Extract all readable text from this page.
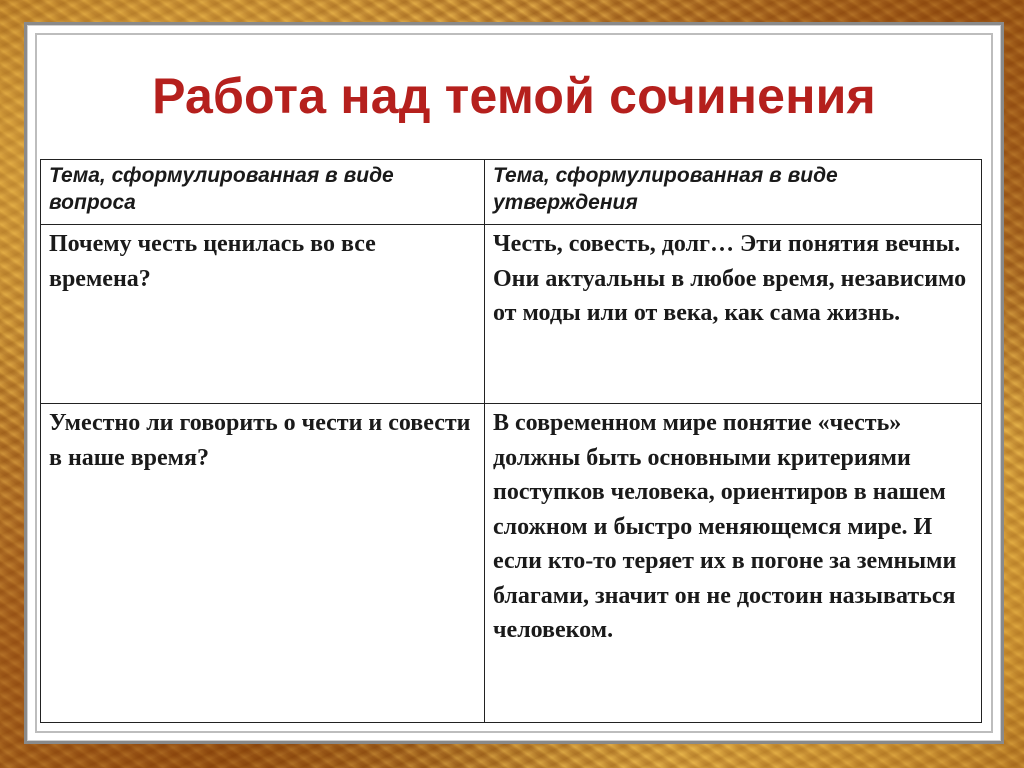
Работа над темой сочинения
Тема, сформулированная в виде вопроса	Тема, сформулированная в виде утверждения
Почему честь ценилась во все времена?	Честь, совесть, долг… Эти понятия вечны. Они актуальны в любое время, независимо от моды или от века, как сама жизнь.
Уместно ли говорить о чести и совести в наше время?	В современном мире понятие «честь» должны быть основными критериями поступков человека, ориентиров в нашем сложном и быстро меняющемся мире. И если кто-то теряет их в погоне за земными благами, значит он не достоин называться человеком.
